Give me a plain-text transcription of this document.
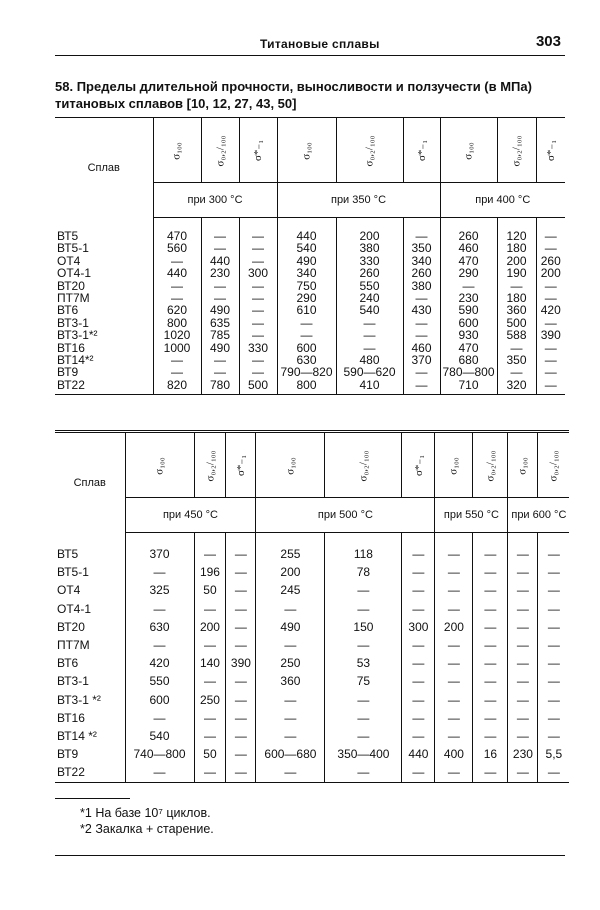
Титановые сплавы	303
58. Пределы длительной прочности, выносливости и ползучести (в МПа)
титановых сплавов [10, 12, 27, 43, 50]
Сплав	σ₁₀₀	σ₀,₂/₁₀₀	σ*₋₁	σ₁₀₀	σ₀,₂/₁₀₀	σ*₋₁	σ₁₀₀	σ₀,₂/₁₀₀	σ*₋₁
	при 300 °С			при 350 °С			при 400 °С		

ВТ5	470	—	—	440	200	—	260	120	—
ВТ5-1	560	—	—	540	380	350	460	180	—
ОТ4	—	440	—	490	330	340	470	200	260
ОТ4-1	440	230	300	340	260	260	290	190	200
ВТ20	—	—	—	750	550	380	—	—	—
ПТ7М	—	—	—	290	240	—	230	180	—
ВТ6	620	490	—	610	540	430	590	360	420
ВТ3-1	800	635	—	—	—	—	600	500	—
ВТ3-1*²	1020	785	—	—	—	—	930	588	390
ВТ16	1000	490	330	600	—	460	470	—	—
ВТ14*²	—	—	—	630	480	370	680	350	—
ВТ9	—	—	—	790—820	590—620	—	780—800	—	—
ВТ22	820	780	500	800	410	—	710	320	—
Сплав	σ₁₀₀	σ₀,₂/₁₀₀	σ*₋₁	σ₁₀₀	σ₀,₂/₁₀₀	σ*₋₁	σ₁₀₀	σ₀,₂/₁₀₀	σ₁₀₀	σ₀,₂/₁₀₀
	при 450 °С			при 500 °С			при 550 °С		при 600 °С	

ВТ5	370	—	—	255	118	—	—	—	—	—
ВТ5-1	—	196	—	200	78	—	—	—	—	—
ОТ4	325	50	—	245	—	—	—	—	—	—
ОТ4-1	—	—	—	—	—	—	—	—	—	—
ВТ20	630	200	—	490	150	300	200	—	—	—
ПТ7М	—	—	—	—	—	—	—	—	—	—
ВТ6	420	140	390	250	53	—	—	—	—	—
ВТ3-1	550	—	—	360	75	—	—	—	—	—
ВТ3-1 *²	600	250	—	—	—	—	—	—	—	—
ВТ16	—	—	—	—	—	—	—	—	—	—
ВТ14 *²	540	—	—	—	—	—	—	—	—	—
ВТ9	740—800	50	—	600—680	350—400	440	400	16	230	5,5
ВТ22	—	—	—	—	—	—	—	—	—	—
*1 На базе 10⁷ циклов.
*2 Закалка + старение.
